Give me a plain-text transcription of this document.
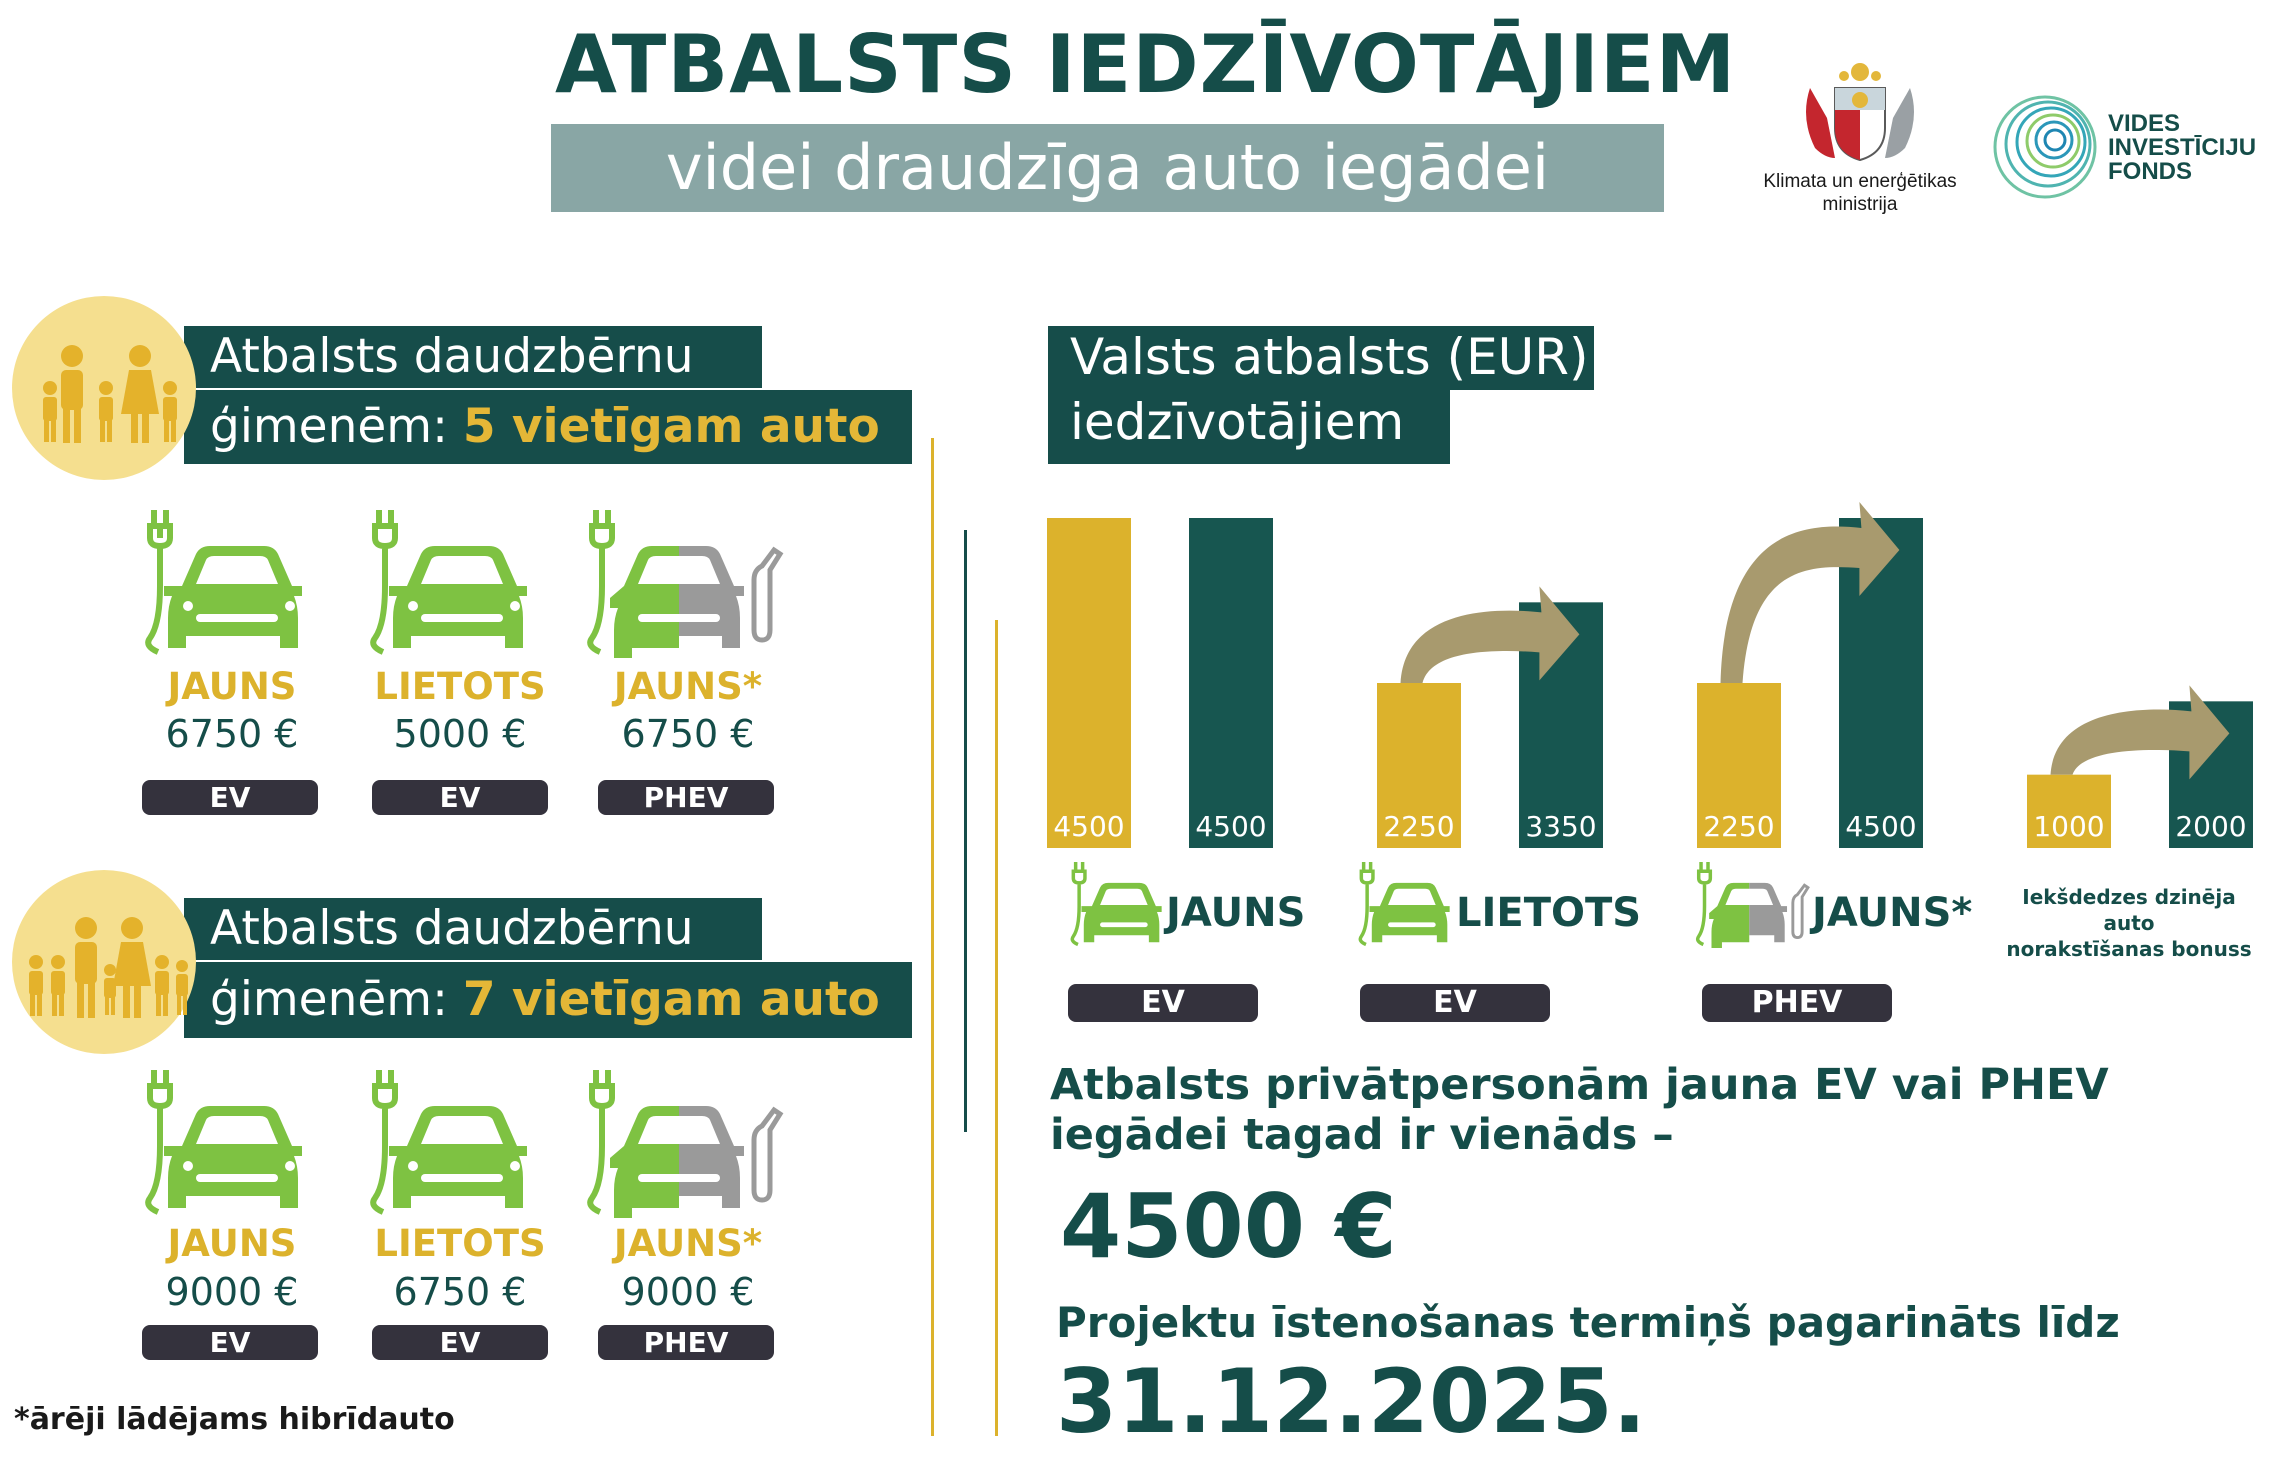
ATBALSTS IEDZĪVOTĀJIEM
videi draudzīga auto iegādei	Klimata un enerģētikas
ministrija
VIDES
INVESTĪCIJU
FONDS
Atbalsts daudzbērnu
ģimenēm: 5 vietīgam auto
JAUNS
6750 €
EV
LIETOTS
5000 €
EV
JAUNS*
6750 €
PHEV
Atbalsts daudzbērnu
ģimenēm: 7 vietīgam auto
JAUNS
9000 €
EV
LIETOTS
6750 €
EV
JAUNS*
9000 €
PHEV
*ārēji lādējams hibrīdauto
Valsts atbalsts (EUR)
iedzīvotājiem
4500	4500	2250	3350	2250	4500	1000	2000
JAUNS
EV
LIETOTS
EV
JAUNS*
PHEV
Iekšdedzes dzinēja auto
norakstīšanas bonuss
Atbalsts privātpersonām jauna EV vai PHEV
iegādei tagad ir vienāds –
4500 €
Projektu īstenošanas termiņš pagarināts līdz
31.12.2025.
